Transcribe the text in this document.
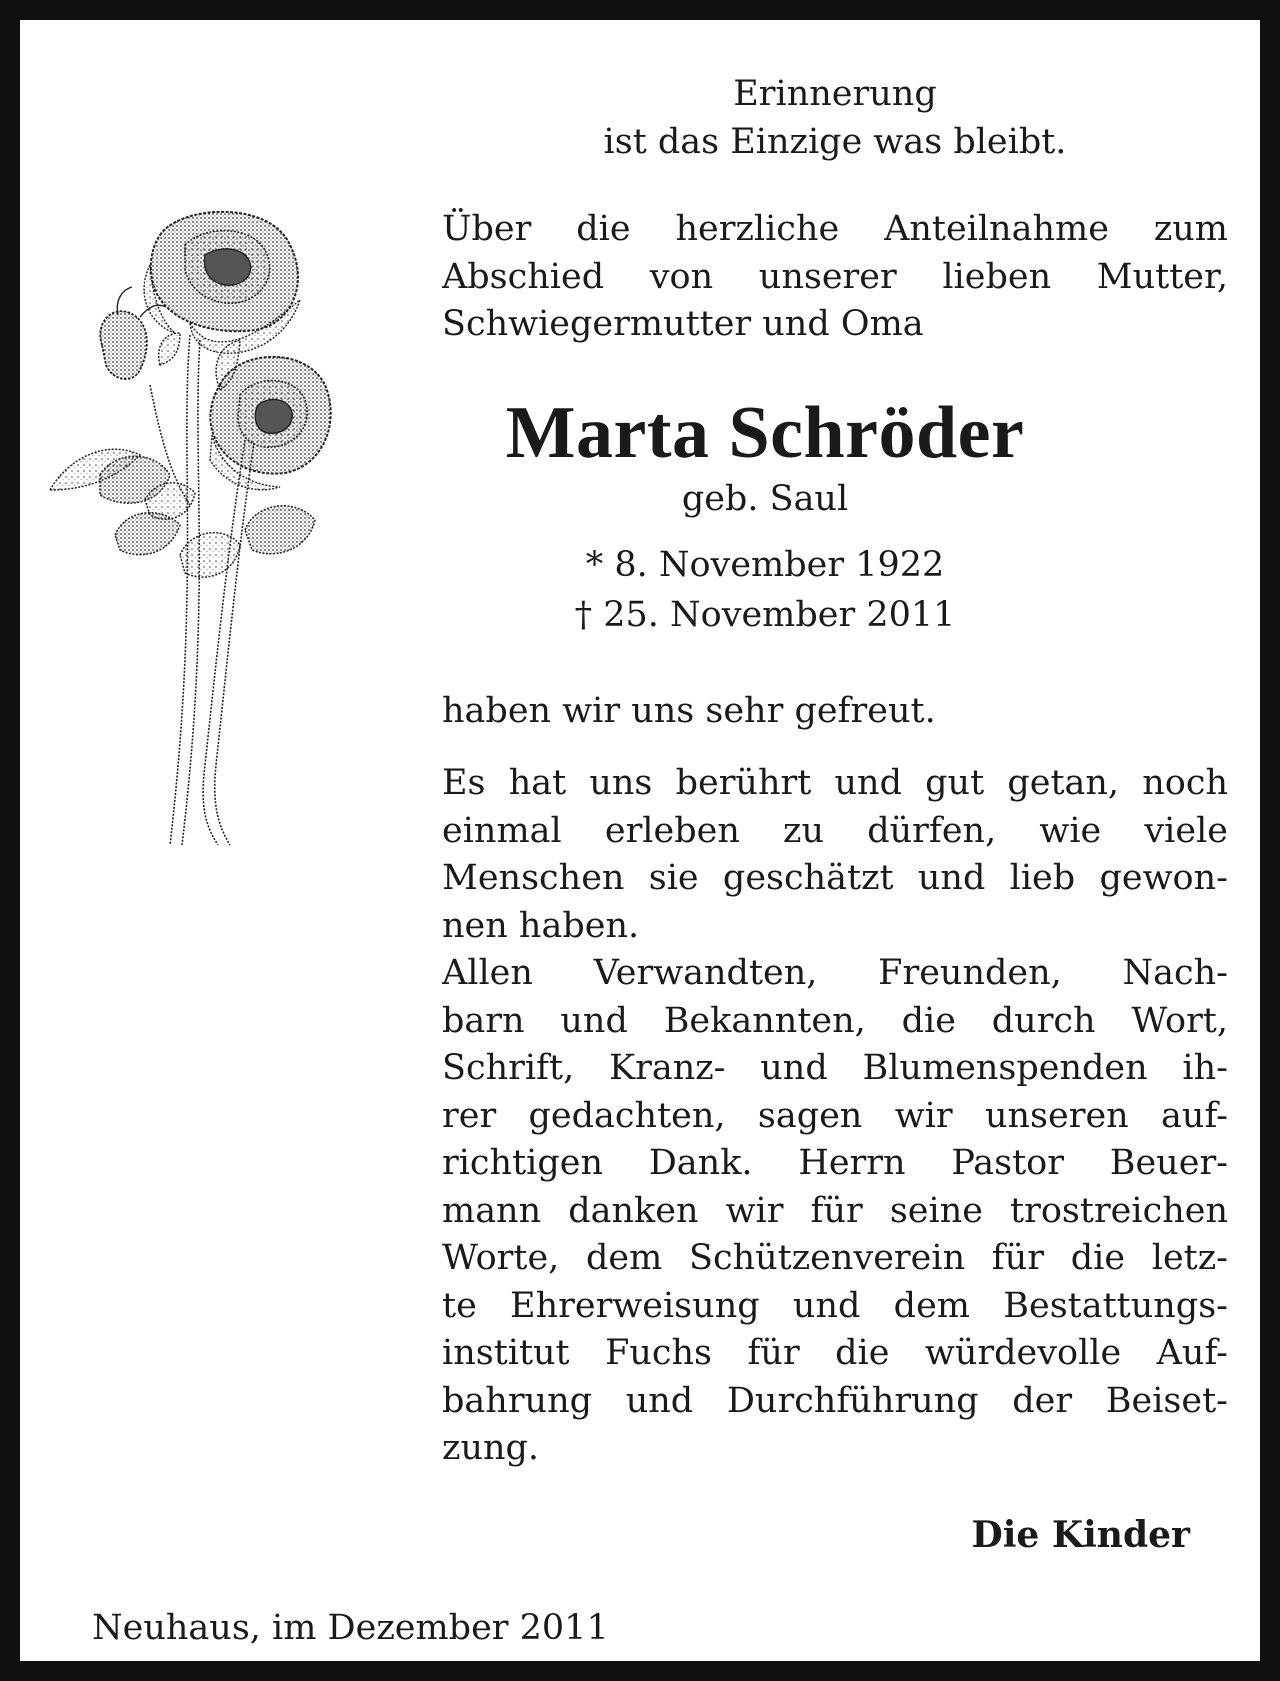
Erinnerung
ist das Einzige was bleibt.
Über die herzliche Anteilnahme zum
Abschied von unserer lieben Mutter,
Schwiegermutter und Oma
Marta Schröder
geb. Saul
* 8. November 1922
† 25. November 2011
haben wir uns sehr gefreut.
Es hat uns berührt und gut getan, noch
einmal erleben zu dürfen, wie viele
Menschen sie geschätzt und lieb gewon-
nen haben.
Allen Verwandten, Freunden, Nach-
barn und Bekannten, die durch Wort,
Schrift, Kranz- und Blumenspenden ih-
rer gedachten, sagen wir unseren auf-
richtigen Dank. Herrn Pastor Beuer-
mann danken wir für seine trostreichen
Worte, dem Schützenverein für die letz-
te Ehrerweisung und dem Bestattungs-
institut Fuchs für die würdevolle Auf-
bahrung und Durchführung der Beiset-
zung.
Die Kinder
Neuhaus, im Dezember 2011
